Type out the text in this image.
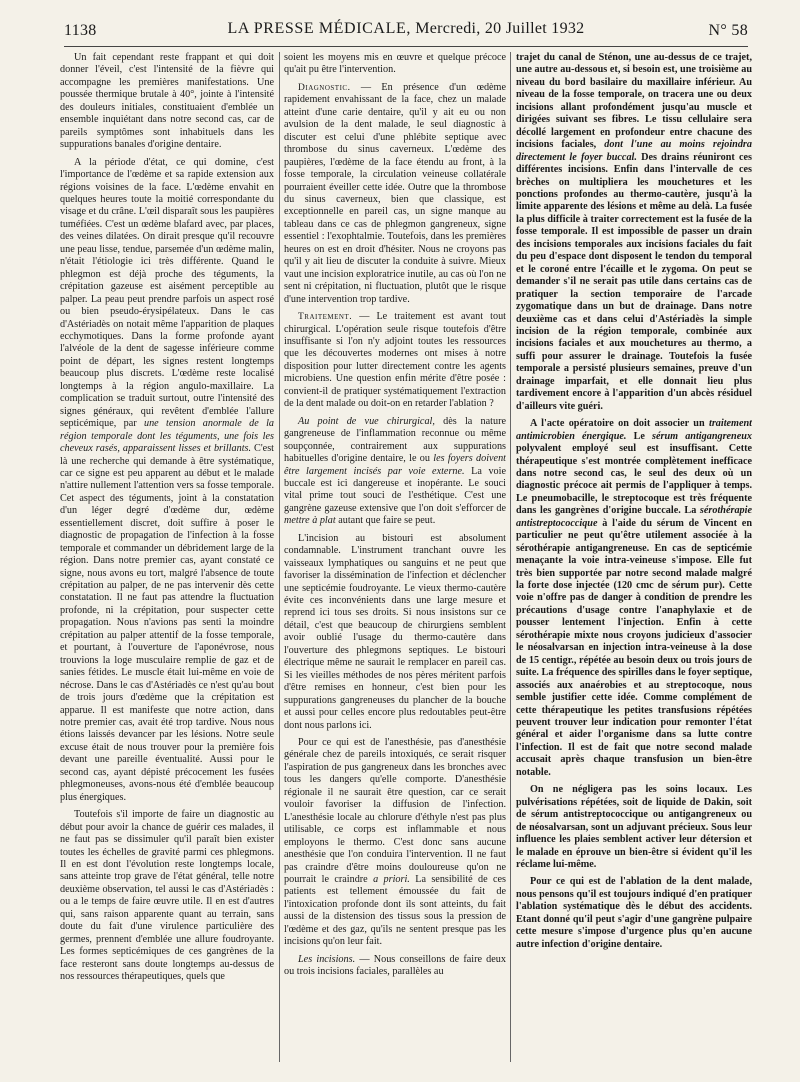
1138	LA PRESSE MÉDICALE, Mercredi, 20 Juillet 1932	N° 58

Un fait cependant reste frappant et qui doit donner l'éveil, c'est l'intensité de la fièvre qui accompagne les premières manifestations. Une poussée thermique brutale à 40°, jointe à l'intensité des douleurs initiales, constituaient d'emblée un ensemble inquiétant dans notre second cas, car de pareils symptômes sont inhabituels dans les suppurations banales d'origine dentaire.

A la période d'état, ce qui domine, c'est l'importance de l'œdème et sa rapide extension aux régions voisines de la face. L'œdème envahit en quelques heures toute la moitié correspondante du visage et du crâne. L'œil disparaît sous les paupières tuméfiées. C'est un œdème blafard avec, par places, des veines dilatées. On dirait presque qu'il recouvre une peau lisse, tendue, parsemée d'un œdème malin, n'était l'étiologie ici très différente. Quand le phlegmon est déjà proche des téguments, la crépitation gazeuse est aisément perceptible au palper. La peau peut prendre parfois un aspect rosé ou bien pseudo-érysipélateux. Dans le cas d'Astériadès on notait même l'apparition de plaques ecchymotiques. Dans la forme profonde ayant l'alvéole de la dent de sagesse inférieure comme point de départ, les signes restent longtemps beaucoup plus discrets. L'œdème reste localisé longtemps à la région angulo-maxillaire. La complication se traduit surtout, outre l'intensité des signes généraux, qui revêtent d'emblée l'allure septicémique, par une tension anormale de la région temporale dont les téguments, une fois les cheveux rasés, apparaissent lisses et brillants. C'est là une recherche qui demande à être systématique, car ce signe est peu apparent au début et le malade n'attire nullement l'attention vers sa fosse temporale. Cet aspect des téguments, joint à la constatation d'un léger degré d'œdème dur, œdème essentiellement discret, doit suffire à poser le diagnostic de propagation de l'infection à la fosse temporale et commander un débridement large de la région. Dans notre premier cas, ayant constaté ce signe, nous avons eu tort, malgré l'absence de toute crépitation au palper, de ne pas intervenir dès cette constatation. Il ne faut pas attendre la fluctuation profonde, ni la crépitation, pour suspecter cette propagation. Nous n'avions pas senti la moindre crépitation au palper attentif de la fosse temporale, et pourtant, à l'ouverture de l'aponévrose, nous trouvions la loge musculaire remplie de gaz et de sanies fétides. Le muscle était lui-même en voie de nécrose. Dans le cas d'Astériadès ce n'est qu'au bout de trois jours d'œdème que la crépitation est apparue. Il est manifeste que notre action, dans notre premier cas, avait été trop tardive. Nous nous étions laissés devancer par les lésions. Notre seule excuse était de nous trouver pour la première fois devant une pareille éventualité. Aussi pour le second cas, ayant dépisté précocement les fusées phlegmoneuses, avons-nous été d'emblée beaucoup plus énergiques.

Toutefois s'il importe de faire un diagnostic au début pour avoir la chance de guérir ces malades, il ne faut pas se dissimuler qu'il paraît bien exister toutes les échelles de gravité parmi ces phlegmons. Il en est dont l'évolution reste longtemps locale, sans atteinte trop grave de l'état général, telle notre deuxième observation, tel aussi le cas d'Astériadès : ou a le temps de faire œuvre utile. Il en est d'autres qui, sans raison apparente quant au terrain, sans doute du fait d'une virulence particulière des germes, prennent d'emblée une allure foudroyante. Les formes septicémiques de ces gangrènes de la face resteront sans doute longtemps au-dessus de nos ressources thérapeutiques, quels que

soient les moyens mis en œuvre et quelque précoce qu'ait pu être l'intervention.

Diagnostic. — En présence d'un œdème rapidement envahissant de la face, chez un malade atteint d'une carie dentaire, qu'il y ait eu ou non avulsion de la dent malade, le seul diagnostic à discuter est celui d'une phlébite septique avec thrombose du sinus caverneux. L'œdème des paupières, l'œdème de la face étendu au front, à la fosse temporale, la circulation veineuse collatérale pourraient éveiller cette idée. Outre que la thrombose du sinus caverneux, bien que classique, est exceptionnelle en pareil cas, un signe manque au tableau dans ce cas de phlegmon gangreneux, signe essentiel : l'exophtalmie. Toutefois, dans les premières heures on est en droit d'hésiter. Nous ne croyons pas qu'il y ait lieu de discuter la conduite à suivre. Mieux vaut une incision exploratrice inutile, au cas où l'on ne sent ni crépitation, ni fluctuation, plutôt que le risque d'une intervention trop tardive.

Traitement. — Le traitement est avant tout chirurgical. L'opération seule risque toutefois d'être insuffisante si l'on n'y adjoint toutes les ressources que les découvertes modernes ont mises à notre disposition pour lutter directement contre les agents microbiens. Une question enfin mérite d'être posée : convient-il de pratiquer systématiquement l'extraction de la dent malade ou doit-on en retarder l'ablation ?

Au point de vue chirurgical, dès la nature gangreneuse de l'inflammation reconnue ou même soupçonnée, contrairement aux suppurations habituelles d'origine dentaire, le ou les foyers doivent être largement incisés par voie externe. La voie buccale est ici dangereuse et inopérante. Le souci vital prime tout souci de l'esthétique. C'est une gangrène gazeuse extensive que l'on doit s'efforcer de mettre à plat autant que faire se peut.

L'incision au bistouri est absolument condamnable. L'instrument tranchant ouvre les vaisseaux lymphatiques ou sanguins et ne peut que favoriser la dissémination de l'infection et déclencher une septicémie foudroyante. Le vieux thermo-cautère évite ces inconvénients dans une large mesure et reprend ici tous ses droits. Si nous insistons sur ce détail, c'est que beaucoup de chirurgiens semblent avoir oublié l'usage du thermo-cautère dans l'ouverture des phlegmons septiques. Le bistouri électrique même ne saurait le remplacer en pareil cas. Si les vieilles méthodes de nos pères méritent parfois d'être remises en honneur, c'est bien pour les suppurations gangreneuses du plancher de la bouche et aussi pour celles encore plus redoutables peut-être dont nous parlons ici.

Pour ce qui est de l'anesthésie, pas d'anesthésie générale chez de pareils intoxiqués, ce serait risquer l'aspiration de pus gangreneux dans les bronches avec tous les dangers qu'elle comporte. D'anesthésie régionale il ne saurait être question, car ce serait vouloir favoriser la diffusion de l'infection. L'anesthésie locale au chlorure d'éthyle n'est pas plus utilisable, ce corps est inflammable et nous employons le thermo. C'est donc sans aucune anesthésie que l'on conduira l'intervention. Il ne faut pas craindre d'être moins douloureuse qu'on ne pourrait le craindre a priori. La sensibilité de ces patients est tellement émoussée du fait de l'intoxication profonde dont ils sont atteints, du fait aussi de la distension des tissus sous la pression de l'œdème et des gaz, qu'ils ne sentent presque pas les incisions qu'on leur fait.

Les incisions. — Nous conseillons de faire deux ou trois incisions faciales, parallèles au

trajet du canal de Sténon, une au-dessus de ce trajet, une autre au-dessous et, si besoin est, une troisième au niveau du bord basilaire du maxillaire inférieur. Au niveau de la fosse temporale, on tracera une ou deux incisions allant profondément jusqu'au muscle et dirigées suivant ses fibres. Le tissu cellulaire sera décollé largement en profondeur entre chacune des incisions faciales, dont l'une au moins rejoindra directement le foyer buccal. Des drains réuniront ces différentes incisions. Enfin dans l'intervalle de ces brèches on multipliera les mouchetures et les ponctions profondes au thermo-cautère, jusqu'à la limite apparente des lésions et même au delà. La fusée la plus difficile à traiter correctement est la fusée de la fosse temporale. Il est impossible de passer un drain des incisions temporales aux incisions faciales du fait du peu d'espace dont disposent le tendon du temporal et le coroné entre l'écaille et le zygoma. On peut se demander s'il ne serait pas utile dans certains cas de pratiquer la section temporaire de l'arcade zygomatique dans un but de drainage. Dans notre deuxième cas et dans celui d'Astériadès la simple incision de la région temporale, combinée aux incisions faciales et aux mouchetures au thermo, a suffi pour assurer le drainage. Toutefois la fusée temporale a persisté plusieurs semaines, preuve d'un drainage imparfait, et elle donnait lieu plus tardivement encore à l'apparition d'un abcès résiduel d'ailleurs vite guéri.

A l'acte opératoire on doit associer un traitement antimicrobien énergique. Le sérum antigangreneux polyvalent employé seul est insuffisant. Cette thérapeutique s'est montrée complètement inefficace dans notre second cas, le seul des deux où un diagnostic précoce ait permis de l'appliquer à temps. Le pneumobacille, le streptocoque est très fréquente dans les gangrènes d'origine buccale. La sérothérapie antistreptococcique à l'aide du sérum de Vincent en particulier ne peut qu'être utilement associée à la sérothérapie antigangreneuse. En cas de septicémie menaçante la voie intra-veineuse s'impose. Elle fut très bien supportée par notre second malade malgré la forte dose injectée (120 cmc de sérum pur). Cette voie n'offre pas de danger à condition de prendre les précautions d'usage contre l'anaphylaxie et de pousser lentement l'injection. Enfin à cette sérothérapie mixte nous croyons judicieux d'associer le néosalvarsan en injection intra-veineuse à la dose de 15 centigr., répétée au besoin deux ou trois jours de suite. La fréquence des spirilles dans le foyer septique, associés aux anaérobies et au streptocoque, nous semble justifier cette idée. Comme complément de cette thérapeutique les petites transfusions répétées peuvent trouver leur indication pour remonter l'état général et aider l'organisme dans sa lutte contre l'infection. Il est de fait que notre second malade accusait après chaque transfusion un bien-être notable.

On ne négligera pas les soins locaux. Les pulvérisations répétées, soit de liquide de Dakin, soit de sérum antistreptococcique ou antigangreneux ou de néosalvarsan, sont un adjuvant précieux. Sous leur influence les plaies semblent activer leur détersion et le malade en éprouve un bien-être si évident qu'il les réclame lui-même.

Pour ce qui est de l'ablation de la dent malade, nous pensons qu'il est toujours indiqué d'en pratiquer l'ablation systématique dès le début des accidents. Etant donné qu'il peut s'agir d'une gangrène pulpaire cette mesure s'impose d'urgence plus qu'en aucune autre infection d'origine dentaire.
